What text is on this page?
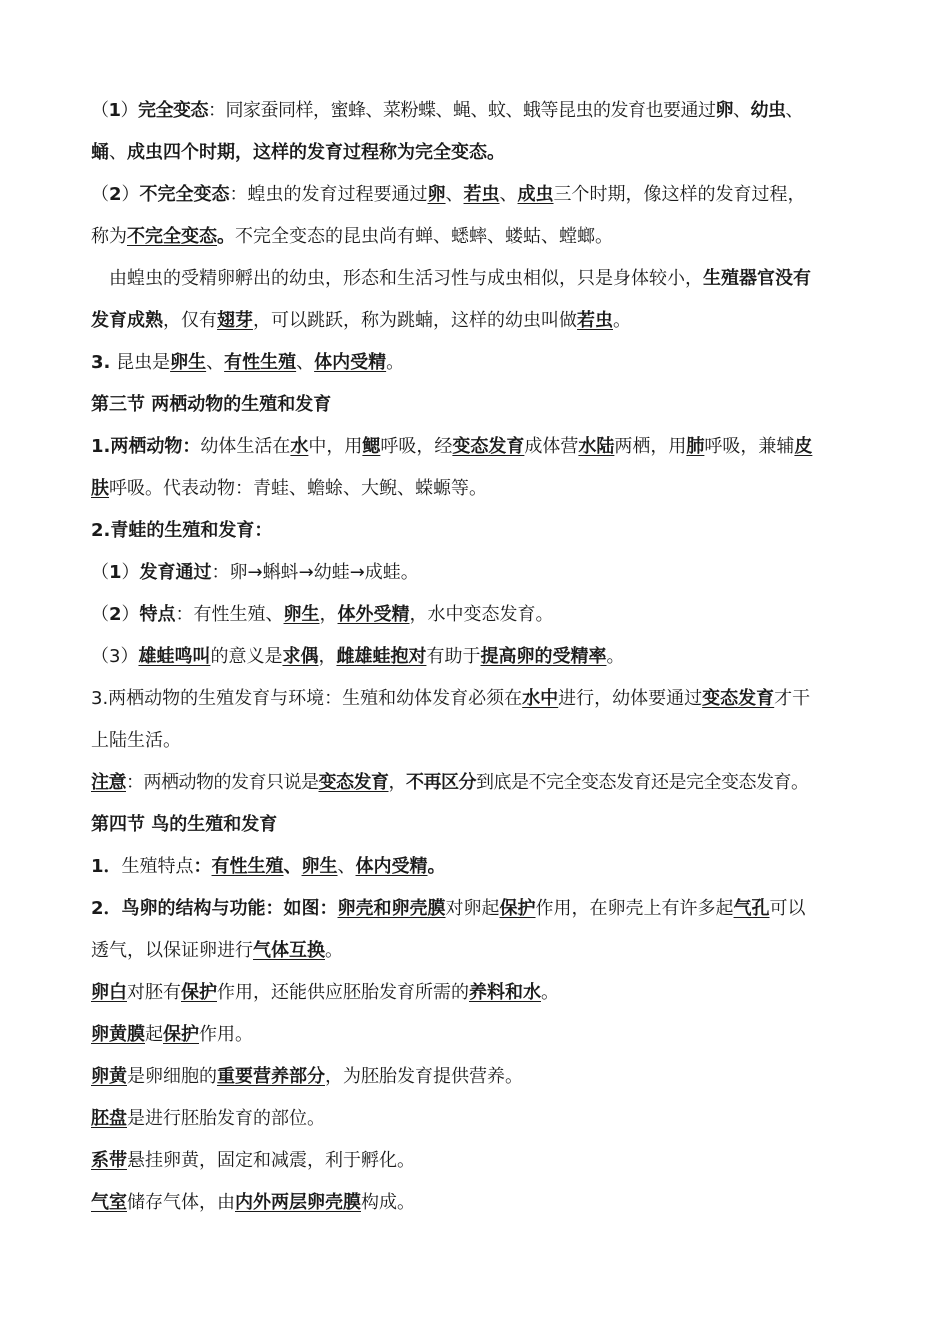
（1）完全变态：同家蚕同样，蜜蜂、菜粉蝶、蝇、蚊、蛾等昆虫的发育也要通过卵、幼虫、
蛹、成虫四个时期，这样的发育过程称为完全变态。
（2）不完全变态：蝗虫的发育过程要通过卵、若虫、成虫三个时期，像这样的发育过程，
称为不完全变态。不完全变态的昆虫尚有蝉、蟋蟀、蝼蛄、螳螂。
　由蝗虫的受精卵孵出的幼虫，形态和生活习性与成虫相似，只是身体较小，生殖器官没有
发育成熟，仅有翅芽，可以跳跃，称为跳蝻，这样的幼虫叫做若虫。
3. 昆虫是卵生、有性生殖、体内受精。
第三节 两栖动物的生殖和发育
1.两栖动物：幼体生活在水中，用鳃呼吸，经变态发育成体营水陆两栖，用肺呼吸，兼辅皮
肤呼吸。代表动物：青蛙、蟾蜍、大鲵、蝾螈等。
2.青蛙的生殖和发育：
（1）发育通过：卵→蝌蚪→幼蛙→成蛙。
（2）特点：有性生殖、卵生，体外受精，水中变态发育。
（3）雄蛙鸣叫的意义是求偶，雌雄蛙抱对有助于提高卵的受精率。
3.两栖动物的生殖发育与环境：生殖和幼体发育必须在水中进行，幼体要通过变态发育才干
上陆生活。
注意：两栖动物的发育只说是变态发育，不再区分到底是不完全变态发育还是完全变态发育。
第四节 鸟的生殖和发育
1．生殖特点：有性生殖、卵生、体内受精。
2．鸟卵的结构与功能：如图：卵壳和卵壳膜对卵起保护作用，在卵壳上有许多起气孔可以
透气，以保证卵进行气体互换。
卵白对胚有保护作用，还能供应胚胎发育所需的养料和水。
卵黄膜起保护作用。
卵黄是卵细胞的重要营养部分，为胚胎发育提供营养。
胚盘是进行胚胎发育的部位。
系带悬挂卵黄，固定和减震，利于孵化。
气室储存气体，由内外两层卵壳膜构成。
